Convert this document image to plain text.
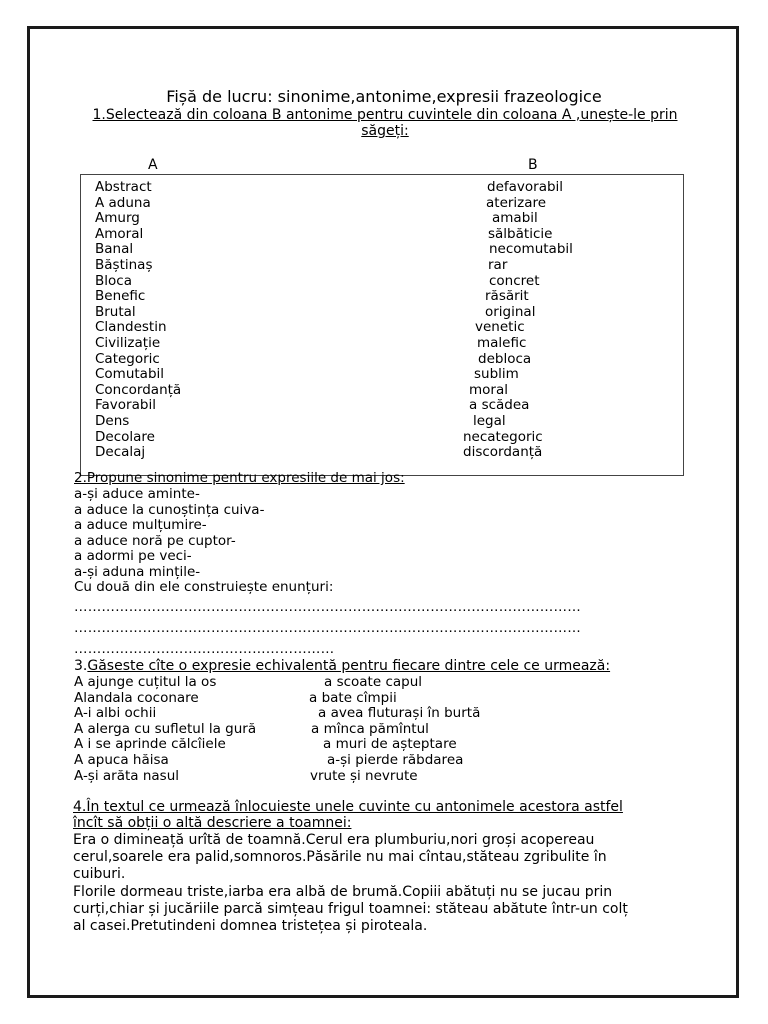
Fișă de lucru: sinonime,antonime,expresii frazeologice
1.Selectează din coloana B antonime pentru cuvintele din coloana A ,unește-le prin săgeți:
A	B
Abstract
A aduna
Amurg
Amoral
Banal
Băștinaș
Bloca
Benefic
Brutal
Clandestin
Civilizație
Categoric
Comutabil
Concordanță
Favorabil
Dens
Decolare
Decalaj
defavorabil
aterizare
amabil
sălbăticie
necomutabil
rar
concret
răsărit
original
venetic
malefic
debloca
sublim
moral
a scădea
legal
necategoric
discordanță
2.Propune sinonime pentru expresiile de mai jos:
a-și aduce aminte-
a aduce la cunoștința cuiva-
a aduce mulțumire-
a aduce noră pe cuptor-
a adormi pe veci-
a-și aduna mințile-
Cu două din ele construiește enunțuri:
…………………………………………………………………………………………………
…………………………………………………………………………………………………
…………………………………………………
3.Găseste cîte o expresie echivalentă pentru fiecare dintre cele ce urmează:
A ajunge cuțitul la os
Alandala coconare
A-i albi ochii
A alerga cu sufletul la gură
A i se aprinde călcîiele
A apuca hăisa
A-și arăta nasul
a scoate capul
a bate cîmpii
a avea fluturași în burtă
a mînca pămîntul
a muri de așteptare
a-și pierde răbdarea
vrute și nevrute
4.În textul ce urmează înlocuieste unele cuvinte cu antonimele acestora astfel
încît să obții o altă descriere a toamnei:
Era o dimineață urîtă de toamnă.Cerul era plumburiu,nori groși acopereau
cerul,soarele era palid,somnoros.Păsările nu mai cîntau,stăteau zgribulite în
cuiburi.
Florile dormeau triste,iarba era albă de brumă.Copiii abătuți nu se jucau prin
curți,chiar și jucăriile parcă simțeau frigul toamnei: stăteau abătute într-un colț
al casei.Pretutindeni domnea tristețea și piroteala.
